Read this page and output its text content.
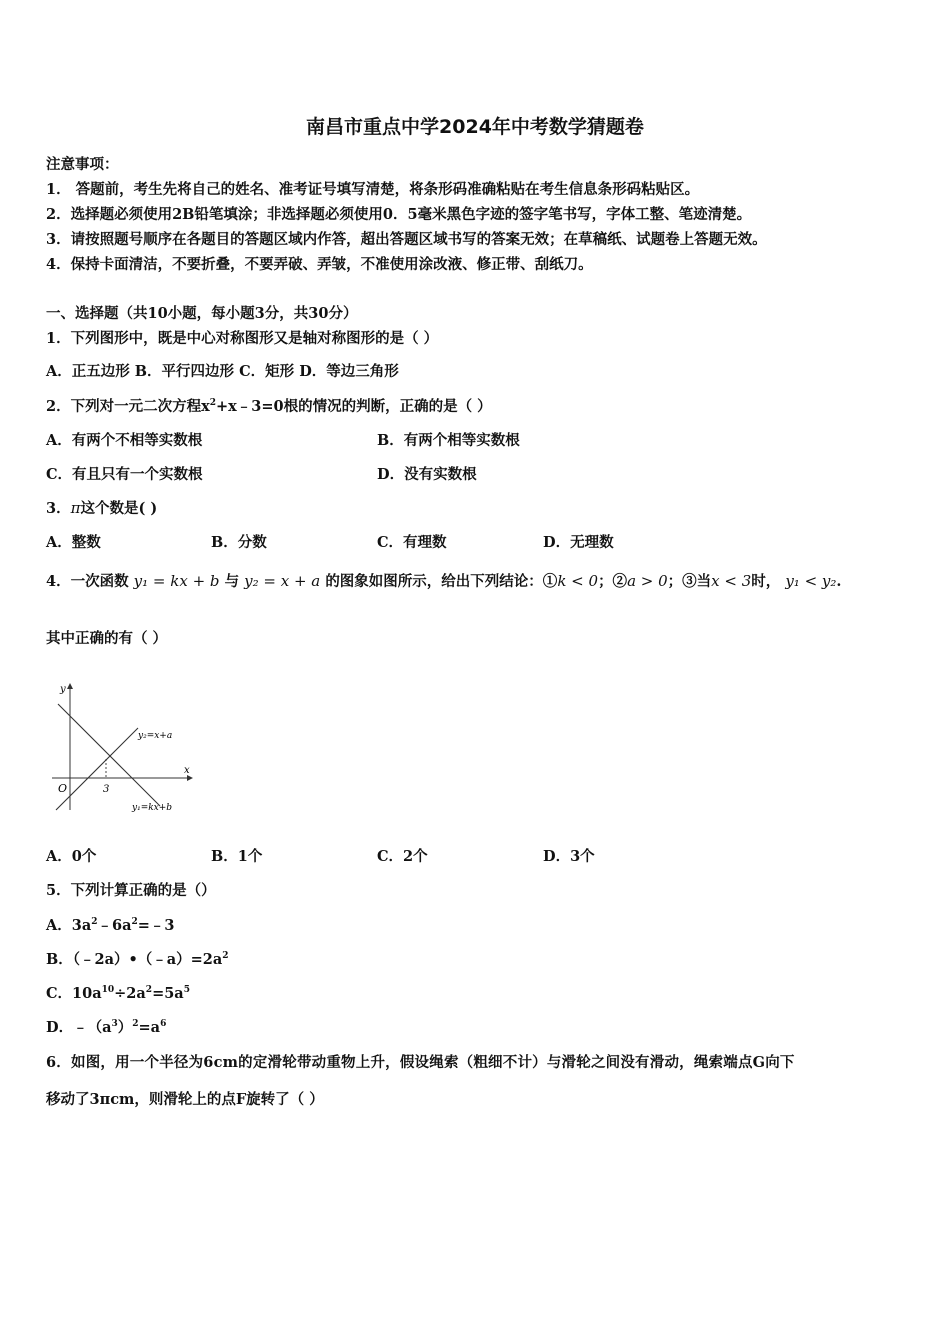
南昌市重点中学2024年中考数学猜题卷
注意事项：
1． 答题前，考生先将自己的姓名、准考证号填写清楚，将条形码准确粘贴在考生信息条形码粘贴区。
2．选择题必须使用2B铅笔填涂；非选择题必须使用0．5毫米黑色字迹的签字笔书写，字体工整、笔迹清楚。
3．请按照题号顺序在各题目的答题区域内作答，超出答题区域书写的答案无效；在草稿纸、试题卷上答题无效。
4．保持卡面清洁，不要折叠，不要弄破、弄皱，不准使用涂改液、修正带、刮纸刀。
一、选择题（共10小题，每小题3分，共30分）
1．下列图形中，既是中心对称图形又是轴对称图形的是（ ）
A．正五边形 B．平行四边形 C．矩形 D．等边三角形
2．下列对一元二次方程$x^2+x﹣3=0$根的情况的判断，正确的是（ ）
A．有两个不相等实数根	B．有两个相等实数根
C．有且只有一个实数根	D．没有实数根
3．π这个数是( )
A．整数	B．分数	C．有理数	D．无理数
4．一次函数 y₁ = kx + b 与 y₂ = x + a 的图象如图所示，给出下列结论：①k < 0；②a > 0；③当x < 3时， y₁ < y₂.
其中正确的有（ ）
y
x
O	3
y₂=x+a
y₁=kx+b
A．0个	B．1个	C．2个	D．3个
5．下列计算正确的是（）
A．$3a^2﹣6a^2=﹣3$
B．$(﹣2a)•(﹣a)=2a^2$
C．$10a^{10}\div 2a^2=5a^5$
D．$﹣(a^3)^2=a^6$
6．如图，用一个半径为6cm的定滑轮带动重物上升，假设绳索（粗细不计）与滑轮之间没有滑动，绳索端点G向下
移动了3πcm，则滑轮上的点F旋转了（ ）
